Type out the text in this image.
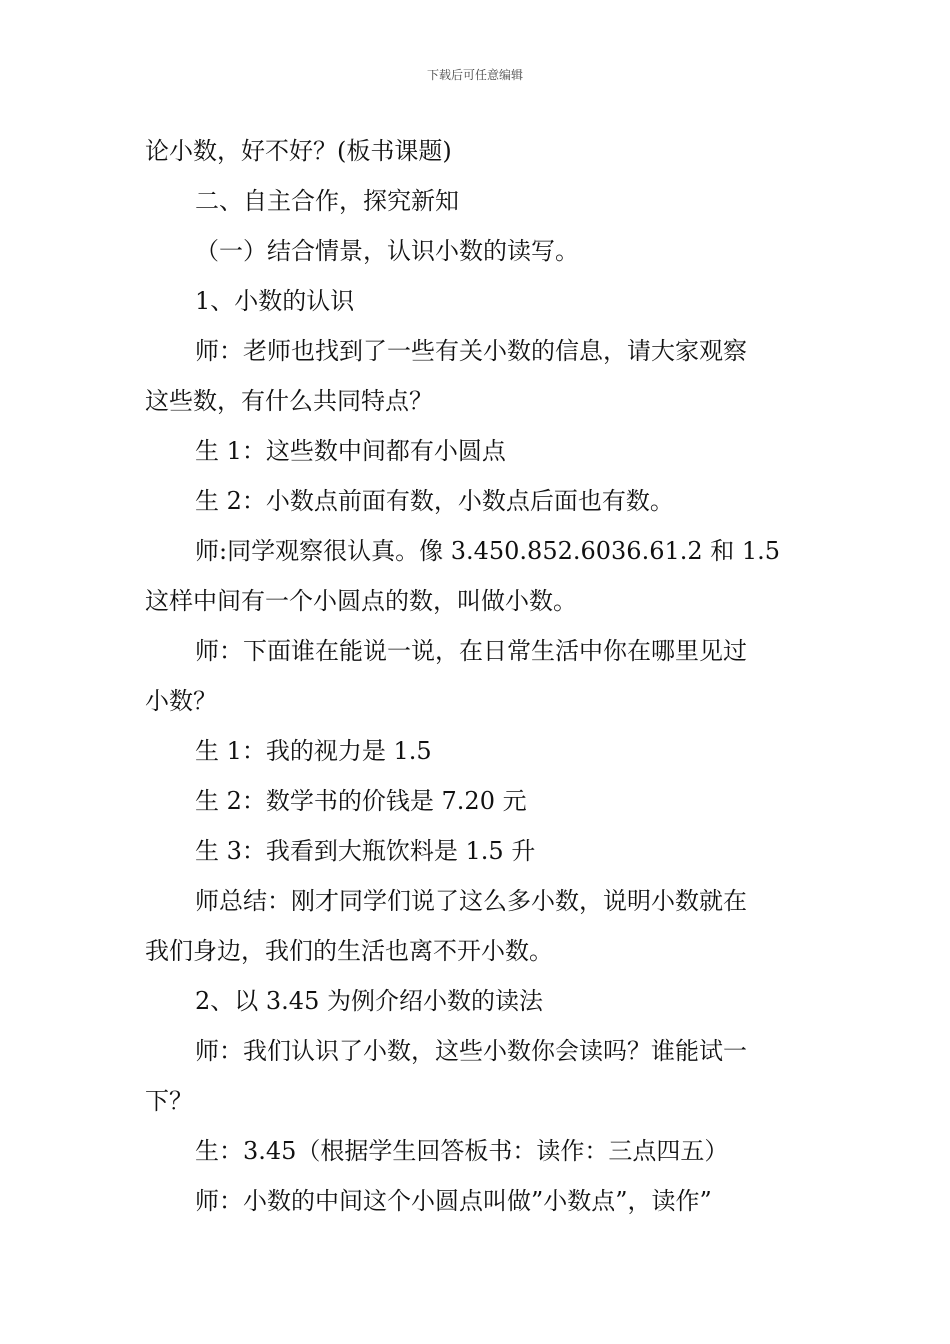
下载后可任意编辑
论小数，好不好？(板书课题)
二、自主合作，探究新知
（一）结合情景，认识小数的读写。
1、小数的认识
师：老师也找到了一些有关小数的信息，请大家观察
这些数，有什么共同特点？
生 1：这些数中间都有小圆点
生 2：小数点前面有数，小数点后面也有数。
师:同学观察很认真。像 3.450.852.6036.61.2 和 1.5
这样中间有一个小圆点的数，叫做小数。
师：下面谁在能说一说，在日常生活中你在哪里见过
小数？
生 1：我的视力是 1.5
生 2：数学书的价钱是 7.20 元
生 3：我看到大瓶饮料是 1.5 升
师总结：刚才同学们说了这么多小数，说明小数就在
我们身边，我们的生活也离不开小数。
2、以 3.45 为例介绍小数的读法
师：我们认识了小数，这些小数你会读吗？谁能试一
下？
生：3.45（根据学生回答板书：读作：三点四五）
师：小数的中间这个小圆点叫做”小数点”，读作”
